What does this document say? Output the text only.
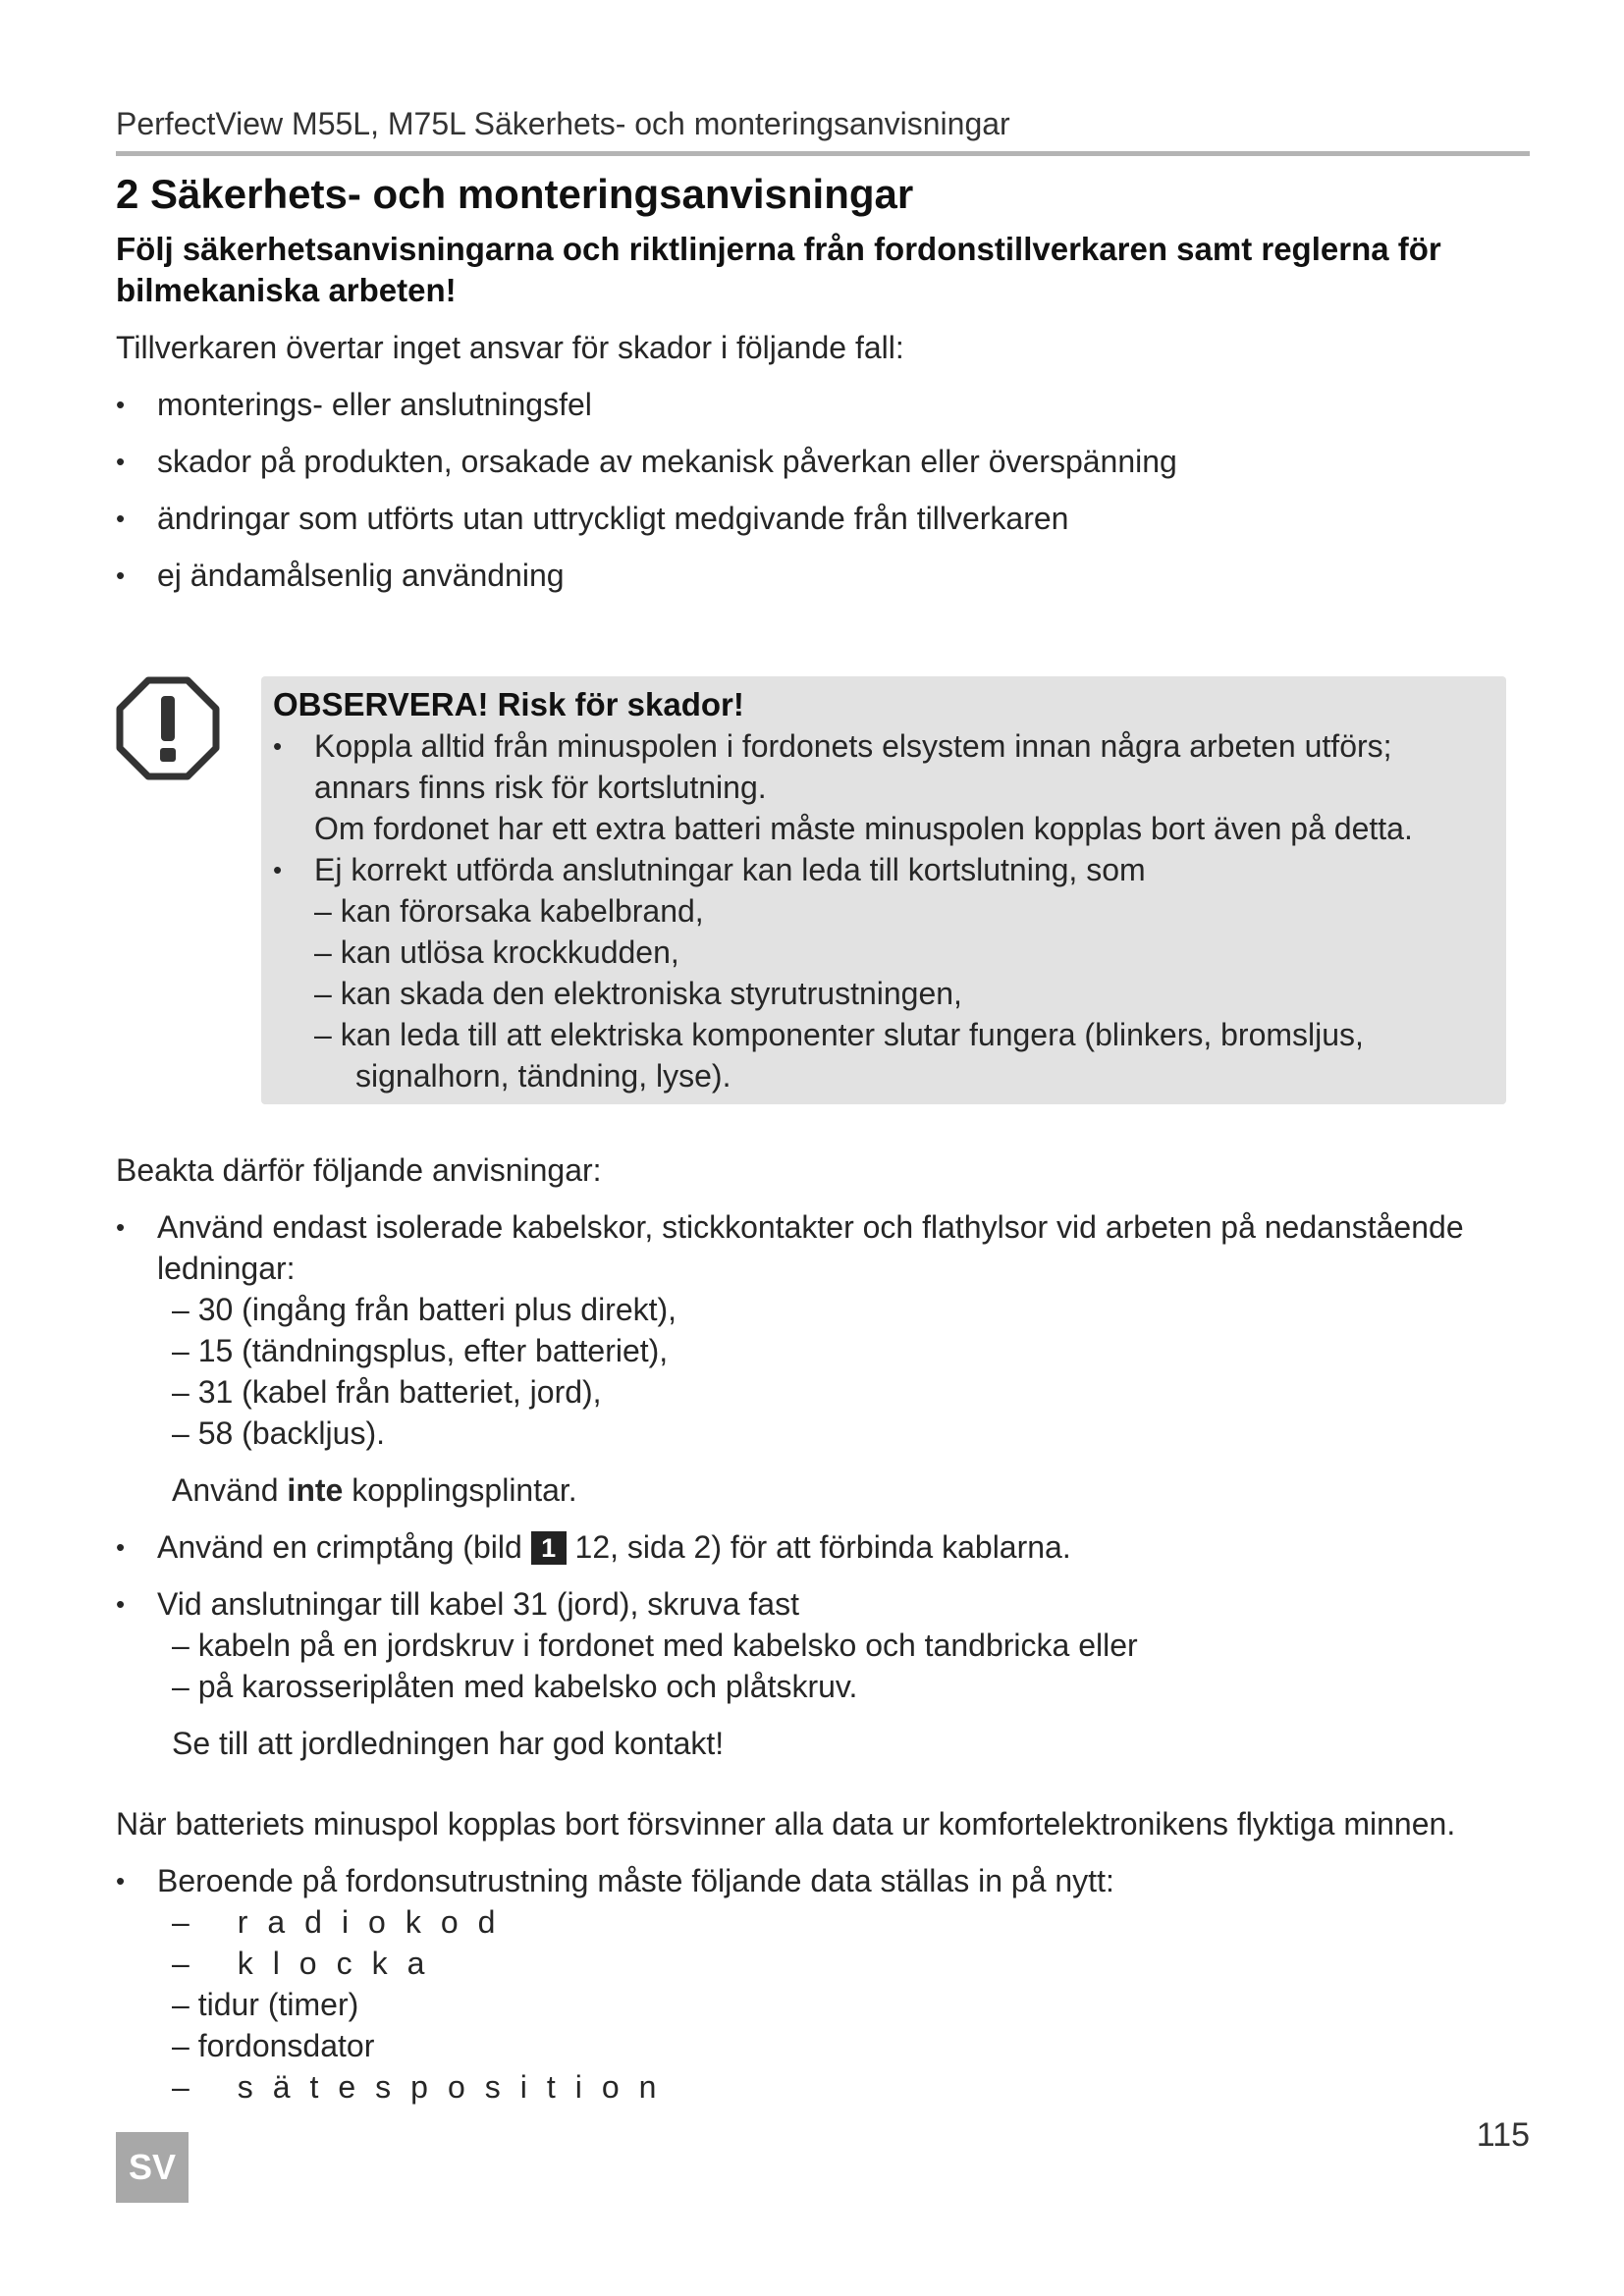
PerfectView M55L, M75L Säkerhets- och monteringsanvisningar
2 Säkerhets- och monteringsanvisningar

Följ säkerhetsanvisningarna och riktlinjerna från fordonstillverkaren samt reglerna för bilmekaniska arbeten!

Tillverkaren övertar inget ansvar för skador i följande fall:

• monterings- eller anslutningsfel
• skador på produkten, orsakade av mekanisk påverkan eller överspänning
• ändringar som utförts utan uttryckligt medgivande från tillverkaren
• ej ändamålsenlig användning

OBSERVERA! Risk för skador!

• Koppla alltid från minuspolen i fordonets elsystem innan några arbeten utförs;
annars finns risk för kortslutning.
Om fordonet har ett extra batteri måste minuspolen kopplas bort även på detta.
• Ej korrekt utförda anslutningar kan leda till kortslutning, som
– kan förorsaka kabelbrand,
– kan utlösa krockkudden,
– kan skada den elektroniska styrutrustningen,
– kan leda till att elektriska komponenter slutar fungera (blinkers, bromsljus,
signalhorn, tändning, lyse).

Beakta därför följande anvisningar:

• Använd endast isolerade kabelskor, stickkontakter och flathylsor vid arbeten på nedanstående ledningar:
– 30 (ingång från batteri plus direkt),
– 15 (tändningsplus, efter batteriet),
– 31 (kabel från batteriet, jord),
– 58 (backljus).
Använd inte kopplingsplintar.
• Använd en crimptång (bild 1 12, sida 2) för att förbinda kablarna.
• Vid anslutningar till kabel 31 (jord), skruva fast
– kabeln på en jordskruv i fordonet med kabelsko och tandbricka eller
– på karosseriplåten med kabelsko och plåtskruv.
Se till att jordledningen har god kontakt!

När batteriets minuspol kopplas bort försvinner alla data ur komfortelektronikens flyktiga minnen.

• Beroende på fordonsutrustning måste följande data ställas in på nytt:
– radiokod
– klocka
– tidur (timer)
– fordonsdator
– sätesposition
SV
115
